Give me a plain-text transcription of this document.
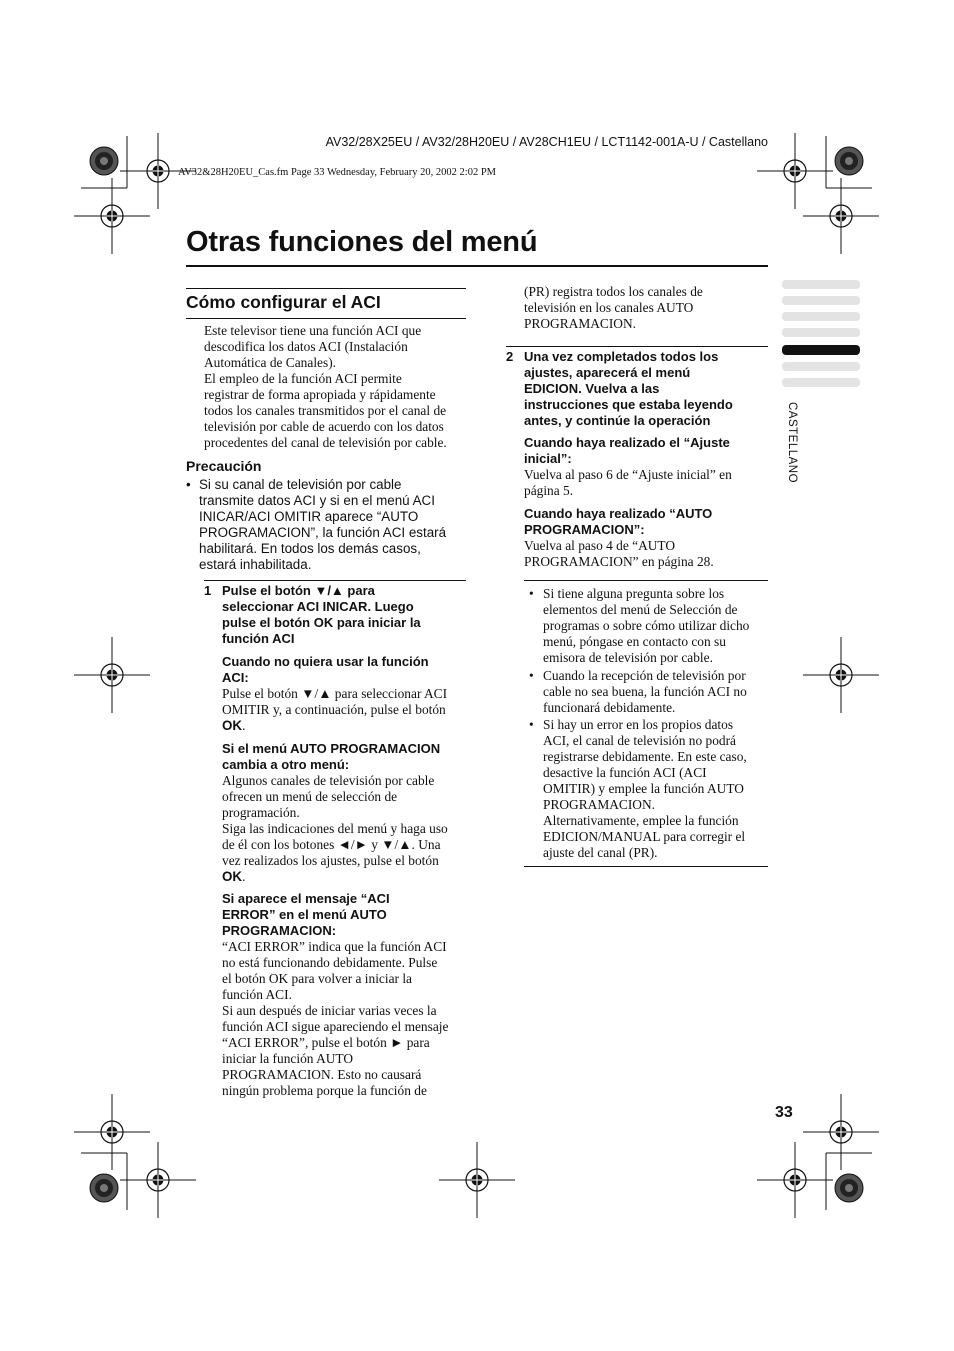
AV32/28X25EU / AV32/28H20EU / AV28CH1EU / LCT1142-001A-U / Castellano
AV32&28H20EU_Cas.fm Page 33 Wednesday, February 20, 2002 2:02 PM
Otras funciones del menú
Cómo configurar el ACI
Este televisor tiene una función ACI que
descodifica los datos ACI (Instalación
Automática de Canales).
El empleo de la función ACI permite
registrar de forma apropiada y rápidamente
todos los canales transmitidos por el canal de
televisión por cable de acuerdo con los datos
procedentes del canal de televisión por cable.
Precaución
• Si su canal de televisión por cable
transmite datos ACI y si en el menú ACI
INICAR/ACI OMITIR aparece “AUTO
PROGRAMACION”, la función ACI estará
habilitará. En todos los demás casos,
estará inhabilitada.
1 Pulse el botón ▼/▲ para
seleccionar ACI INICAR. Luego
pulse el botón OK para iniciar la
función ACI
Cuando no quiera usar la función
ACI:
Pulse el botón ▼/▲ para seleccionar ACI
OMITIR y, a continuación, pulse el botón
OK.
Si el menú AUTO PROGRAMACION
cambia a otro menú:
Algunos canales de televisión por cable
ofrecen un menú de selección de
programación.
Siga las indicaciones del menú y haga uso
de él con los botones ◄/► y ▼/▲. Una
vez realizados los ajustes, pulse el botón
OK.
Si aparece el mensaje “ACI
ERROR” en el menú AUTO
PROGRAMACION:
“ACI ERROR” indica que la función ACI
no está funcionando debidamente. Pulse
el botón OK para volver a iniciar la
función ACI.
Si aun después de iniciar varias veces la
función ACI sigue apareciendo el mensaje
“ACI ERROR”, pulse el botón ► para
iniciar la función AUTO
PROGRAMACION. Esto no causará
ningún problema porque la función de
(PR) registra todos los canales de
televisión en los canales AUTO
PROGRAMACION.
2 Una vez completados todos los
ajustes, aparecerá el menú
EDICION. Vuelva a las
instrucciones que estaba leyendo
antes, y continúe la operación
Cuando haya realizado el “Ajuste
inicial”:
Vuelva al paso 6 de “Ajuste inicial” en
página 5.
Cuando haya realizado “AUTO
PROGRAMACION”:
Vuelva al paso 4 de “AUTO
PROGRAMACION” en página 28.
• Si tiene alguna pregunta sobre los
elementos del menú de Selección de
programas o sobre cómo utilizar dicho
menú, póngase en contacto con su
emisora de televisión por cable.
• Cuando la recepción de televisión por
cable no sea buena, la función ACI no
funcionará debidamente.
• Si hay un error en los propios datos
ACI, el canal de televisión no podrá
registrarse debidamente. En este caso,
desactive la función ACI (ACI
OMITIR) y emplee la función AUTO
PROGRAMACION.
Alternativamente, emplee la función
EDICION/MANUAL para corregir el
ajuste del canal (PR).
CASTELLANO
33
